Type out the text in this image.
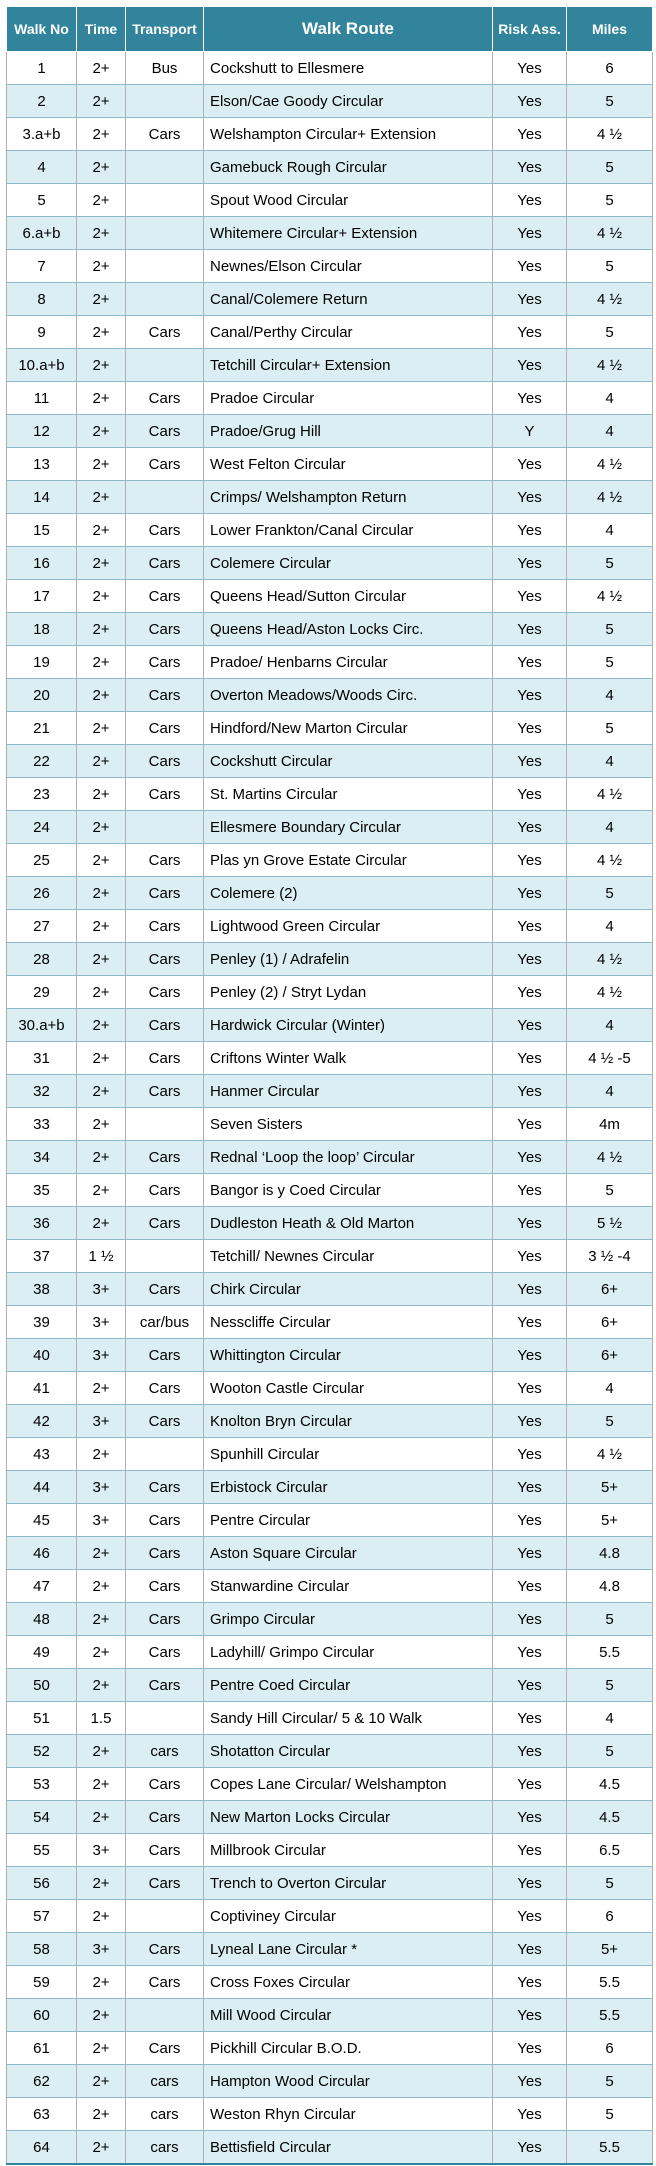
Walk No	Time	Transport	Walk Route	Risk Ass.	Miles
1	2+	Bus	Cockshutt to Ellesmere	Yes	6
2	2+		Elson/Cae Goody Circular	Yes	5
3.a+b	2+	Cars	Welshampton Circular+ Extension	Yes	4 ½
4	2+		Gamebuck Rough Circular	Yes	5
5	2+		Spout Wood Circular	Yes	5
6.a+b	2+		Whitemere Circular+ Extension	Yes	4 ½
7	2+		Newnes/Elson Circular	Yes	5
8	2+		Canal/Colemere Return	Yes	4 ½
9	2+	Cars	Canal/Perthy Circular	Yes	5
10.a+b	2+		Tetchill Circular+ Extension	Yes	4 ½
11	2+	Cars	Pradoe Circular	Yes	4
12	2+	Cars	Pradoe/Grug Hill	Y	4
13	2+	Cars	West Felton Circular	Yes	4 ½
14	2+		Crimps/ Welshampton Return	Yes	4 ½
15	2+	Cars	Lower Frankton/Canal Circular	Yes	4
16	2+	Cars	Colemere Circular	Yes	5
17	2+	Cars	Queens Head/Sutton Circular	Yes	4 ½
18	2+	Cars	Queens Head/Aston Locks Circ.	Yes	5
19	2+	Cars	Pradoe/ Henbarns Circular	Yes	5
20	2+	Cars	Overton Meadows/Woods Circ.	Yes	4
21	2+	Cars	Hindford/New Marton Circular	Yes	5
22	2+	Cars	Cockshutt Circular	Yes	4
23	2+	Cars	St. Martins Circular	Yes	4 ½
24	2+		Ellesmere Boundary Circular	Yes	4
25	2+	Cars	Plas yn Grove Estate Circular	Yes	4 ½
26	2+	Cars	Colemere (2)	Yes	5
27	2+	Cars	Lightwood Green Circular	Yes	4
28	2+	Cars	Penley (1) / Adrafelin	Yes	4 ½
29	2+	Cars	Penley (2) / Stryt Lydan	Yes	4 ½
30.a+b	2+	Cars	Hardwick Circular (Winter)	Yes	4
31	2+	Cars	Criftons Winter Walk	Yes	4 ½ -5
32	2+	Cars	Hanmer Circular	Yes	4
33	2+		Seven Sisters	Yes	4m
34	2+	Cars	Rednal ‘Loop the loop’ Circular	Yes	4 ½
35	2+	Cars	Bangor is y Coed Circular	Yes	5
36	2+	Cars	Dudleston Heath & Old Marton	Yes	5 ½
37	1 ½		Tetchill/ Newnes Circular	Yes	3 ½ -4
38	3+	Cars	Chirk Circular	Yes	6+
39	3+	car/bus	Nesscliffe Circular	Yes	6+
40	3+	Cars	Whittington Circular	Yes	6+
41	2+	Cars	Wooton Castle Circular	Yes	4
42	3+	Cars	Knolton Bryn Circular	Yes	5
43	2+		Spunhill Circular	Yes	4 ½
44	3+	Cars	Erbistock Circular	Yes	5+
45	3+	Cars	Pentre Circular	Yes	5+
46	2+	Cars	Aston Square Circular	Yes	4.8
47	2+	Cars	Stanwardine Circular	Yes	4.8
48	2+	Cars	Grimpo Circular	Yes	5
49	2+	Cars	Ladyhill/ Grimpo Circular	Yes	5.5
50	2+	Cars	Pentre Coed Circular	Yes	5
51	1.5		Sandy Hill Circular/ 5 & 10 Walk	Yes	4
52	2+	cars	Shotatton Circular	Yes	5
53	2+	Cars	Copes Lane Circular/ Welshampton	Yes	4.5
54	2+	Cars	New Marton Locks Circular	Yes	4.5
55	3+	Cars	Millbrook Circular	Yes	6.5
56	2+	Cars	Trench to Overton Circular	Yes	5
57	2+		Coptiviney Circular	Yes	6
58	3+	Cars	Lyneal Lane Circular *	Yes	5+
59	2+	Cars	Cross Foxes Circular	Yes	5.5
60	2+		Mill Wood Circular	Yes	5.5
61	2+	Cars	Pickhill Circular B.O.D.	Yes	6
62	2+	cars	Hampton Wood Circular	Yes	5
63	2+	cars	Weston Rhyn Circular	Yes	5
64	2+	cars	Bettisfield Circular	Yes	5.5
